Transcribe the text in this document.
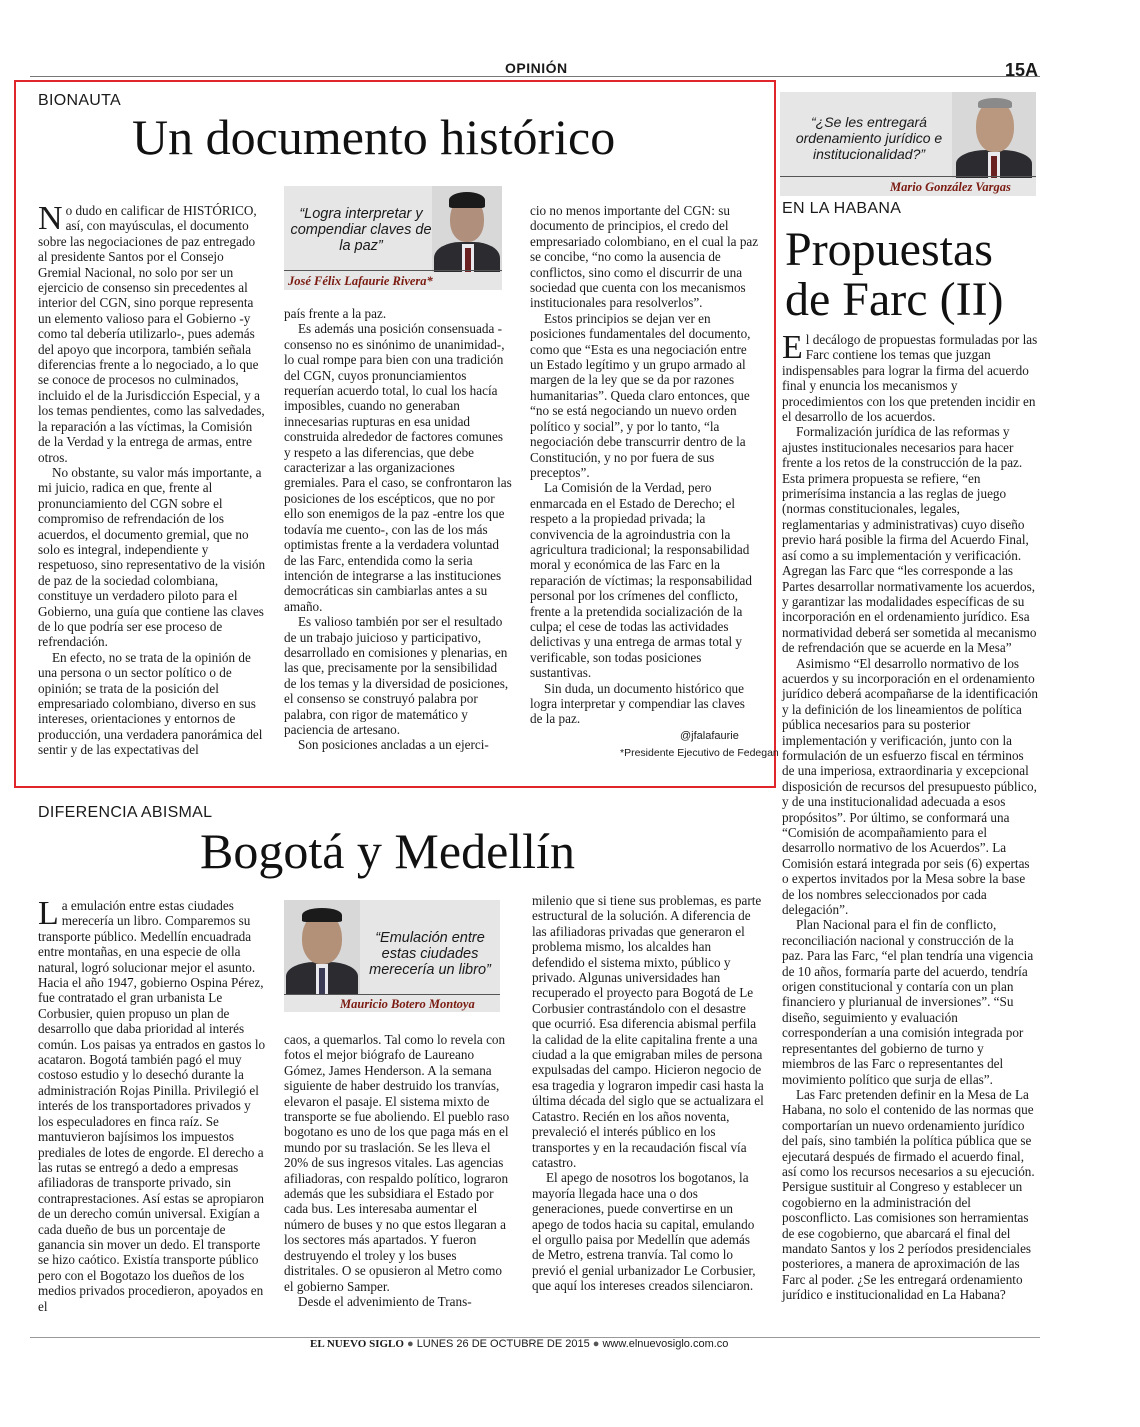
OPINIÓN	15A
BIONAUTA
Un documento histórico

No dudo en calificar de HISTÓRICO, así, con mayúsculas, el documento sobre las negociaciones de paz entregado al presidente Santos por el Consejo Gremial Nacional, no solo por ser un ejercicio de consenso sin precedentes al interior del CGN, sino porque representa un elemento valioso para el Gobierno -y como tal debería utilizarlo-, pues además del apoyo que incorpora, también señala diferencias frente a lo negociado, a lo que se conoce de procesos no culminados, incluido el de la Jurisdicción Especial, y a los temas pendientes, como las salvedades, la reparación a las víctimas, la Comisión de la Verdad y la entrega de armas, entre otros.

No obstante, su valor más importante, a mi juicio, radica en que, frente al pronunciamiento del CGN sobre el compromiso de refrendación de los acuerdos, el documento gremial, que no solo es integral, independiente y respetuoso, sino representativo de la visión de paz de la sociedad colombiana, constituye un verdadero piloto para el Gobierno, una guía que contiene las claves de lo que podría ser ese proceso de refrendación.

En efecto, no se trata de la opinión de una persona o un sector político o de opinión; se trata de la posición del empresariado colombiano, diverso en sus intereses, orientaciones y entornos de producción, una verdadera panorámica del sentir y de las expectativas del

“Logra interpretar y compendiar claves de la paz”
José Félix Lafaurie Rivera*

país frente a la paz.

Es además una posición consensuada -consenso no es sinónimo de unanimidad-, lo cual rompe para bien con una tradición del CGN, cuyos pronunciamientos requerían acuerdo total, lo cual los hacía imposibles, cuando no generaban innecesarias rupturas en esa unidad construida alrededor de factores comunes y respeto a las diferencias, que debe caracterizar a las organizaciones gremiales. Para el caso, se confrontaron las posiciones de los escépticos, que no por ello son enemigos de la paz -entre los que todavía me cuento-, con las de los más optimistas frente a la verdadera voluntad de las Farc, entendida como la seria intención de integrarse a las instituciones democráticas sin cambiarlas antes a su amaño.

Es valioso también por ser el resultado de un trabajo juicioso y participativo, desarrollado en comisiones y plenarias, en las que, precisamente por la sensibilidad de los temas y la diversidad de posiciones, el consenso se construyó palabra por palabra, con rigor de matemático y paciencia de artesano.

Son posiciones ancladas a un ejerci-

cio no menos importante del CGN: su documento de principios, el credo del empresariado colombiano, en el cual la paz se concibe, “no como la ausencia de conflictos, sino como el discurrir de una sociedad que cuenta con los mecanismos institucionales para resolverlos”.

Estos principios se dejan ver en posiciones fundamentales del documento, como que “Esta es una negociación entre un Estado legítimo y un grupo armado al margen de la ley que se da por razones humanitarias”. Queda claro entonces, que “no se está negociando un nuevo orden político y social”, y por lo tanto, “la negociación debe transcurrir dentro de la Constitución, y no por fuera de sus preceptos”.

La Comisión de la Verdad, pero enmarcada en el Estado de Derecho; el respeto a la propiedad privada; la convivencia de la agroindustria con la agricultura tradicional; la responsabilidad moral y económica de las Farc en la reparación de víctimas; la responsabilidad personal por los crímenes del conflicto, frente a la pretendida socialización de la culpa; el cese de todas las actividades delictivas y una entrega de armas total y verificable, son todas posiciones sustantivas.

Sin duda, un documento histórico que logra interpretar y compendiar las claves de la paz.

@jfalafaurie
*Presidente Ejecutivo de Fedegan
“¿Se les entregará ordenamiento jurídico e institucionalidad?”
Mario González Vargas
EN LA HABANA
Propuestas
de Farc (II)

El decálogo de propuestas formuladas por las Farc contiene los temas que juzgan indispensables para lograr la firma del acuerdo final y enuncia los mecanismos y procedimientos con los que pretenden incidir en el desarrollo de los acuerdos.

Formalización jurídica de las reformas y ajustes institucionales necesarios para hacer frente a los retos de la construcción de la paz. Esta primera propuesta se refiere, “en primerísima instancia a las reglas de juego (normas constitucionales, legales, reglamentarias y administrativas) cuyo diseño previo hará posible la firma del Acuerdo Final, así como a su implementación y verificación. Agregan las Farc que “les corresponde a las Partes desarrollar normativamente los acuerdos, y garantizar las modalidades específicas de su incorporación en el ordenamiento jurídico. Esa normatividad deberá ser sometida al mecanismo de refrendación que se acuerde en la Mesa”

Asimismo “El desarrollo normativo de los acuerdos y su incorporación en el ordenamiento jurídico deberá acompañarse de la identificación y la definición de los lineamientos de política pública necesarios para su posterior implementación y verificación, junto con la formulación de un esfuerzo fiscal en términos de una imperiosa, extraordinaria y excepcional disposición de recursos del presupuesto público, y de una institucionalidad adecuada a esos propósitos”. Por último, se conformará una “Comisión de acompañamiento para el desarrollo normativo de los Acuerdos”. La Comisión estará integrada por seis (6) expertas o expertos invitados por la Mesa sobre la base de los nombres seleccionados por cada delegación”.

Plan Nacional para el fin de conflicto, reconciliación nacional y construcción de la paz. Para las Farc, “el plan tendría una vigencia de 10 años, formaría parte del acuerdo, tendría origen constitucional y contaría con un plan financiero y plurianual de inversiones”. “Su diseño, seguimiento y evaluación corresponderían a una comisión integrada por representantes del gobierno de turno y miembros de las Farc o representantes del movimiento político que surja de ellas”.

Las Farc pretenden definir en la Mesa de La Habana, no solo el contenido de las normas que comportarían un nuevo ordenamiento jurídico del país, sino también la política pública que se ejecutará después de firmado el acuerdo final, así como los recursos necesarios a su ejecución. Persigue sustituir al Congreso y establecer un cogobierno en la administración del posconflicto. Las comisiones son herramientas de ese cogobierno, que abarcará el final del mandato Santos y los 2 períodos presidenciales posteriores, a manera de aproximación de las Farc al poder. ¿Se les entregará ordenamiento jurídico e institucionalidad en La Habana?

DIFERENCIA ABISMAL
Bogotá y Medellín

La emulación entre estas ciudades merecería un libro. Comparemos su transporte público. Medellín encuadrada entre montañas, en una especie de olla natural, logró solucionar mejor el asunto. Hacia el año 1947, gobierno Ospina Pérez, fue contratado el gran urbanista Le Corbusier, quien propuso un plan de desarrollo que daba prioridad al interés común. Los paisas ya entrados en gastos lo acataron. Bogotá también pagó el muy costoso estudio y lo desechó durante la administración Rojas Pinilla. Privilegió el interés de los transportadores privados y los especuladores en finca raíz. Se mantuvieron bajísimos los impuestos prediales de lotes de engorde. El derecho a las rutas se entregó a dedo a empresas afiliadoras de transporte privado, sin contraprestaciones. Así estas se apropiaron de un derecho común universal. Exigían a cada dueño de bus un porcentaje de ganancia sin mover un dedo. El transporte se hizo caótico. Existía transporte público pero con el Bogotazo los dueños de los medios privados procedieron, apoyados en el

“Emulación entre estas ciudades merecería un libro”
Mauricio Botero Montoya

caos, a quemarlos. Tal como lo revela con fotos el mejor biógrafo de Laureano Gómez, James Henderson. A la semana siguiente de haber destruido los tranvías, elevaron el pasaje. El sistema mixto de transporte se fue aboliendo. El pueblo raso bogotano es uno de los que paga más en el mundo por su traslación. Se les lleva el 20% de sus ingresos vitales. Las agencias afiliadoras, con respaldo político, lograron además que les subsidiara el Estado por cada bus. Les interesaba aumentar el número de buses y no que estos llegaran a los sectores más apartados. Y fueron destruyendo el troley y los buses distritales. O se opusieron al Metro como el gobierno Samper.

Desde el advenimiento de Trans-

milenio que si tiene sus problemas, es parte estructural de la solución. A diferencia de las afiliadoras privadas que generaron el problema mismo, los alcaldes han defendido el sistema mixto, público y privado. Algunas universidades han recuperado el proyecto para Bogotá de Le Corbusier contrastándolo con el desastre que ocurrió. Esa diferencia abismal perfila la calidad de la elite capitalina frente a una ciudad a la que emigraban miles de persona expulsadas del campo. Hicieron negocio de esa tragedia y lograron impedir casi hasta la última década del siglo que se actualizara el Catastro. Recién en los años noventa, prevaleció el interés público en los transportes y en la recaudación fiscal vía catastro.

El apego de nosotros los bogotanos, la mayoría llegada hace una o dos generaciones, puede convertirse en un apego de todos hacia su capital, emulando el orgullo paisa por Medellín que además de Metro, estrena tranvía. Tal como lo previó el genial urbanizador Le Corbusier, que aquí los intereses creados silenciaron.

EL NUEVO SIGLO ● LUNES 26 DE OCTUBRE DE 2015 ● www.elnuevosiglo.com.co
